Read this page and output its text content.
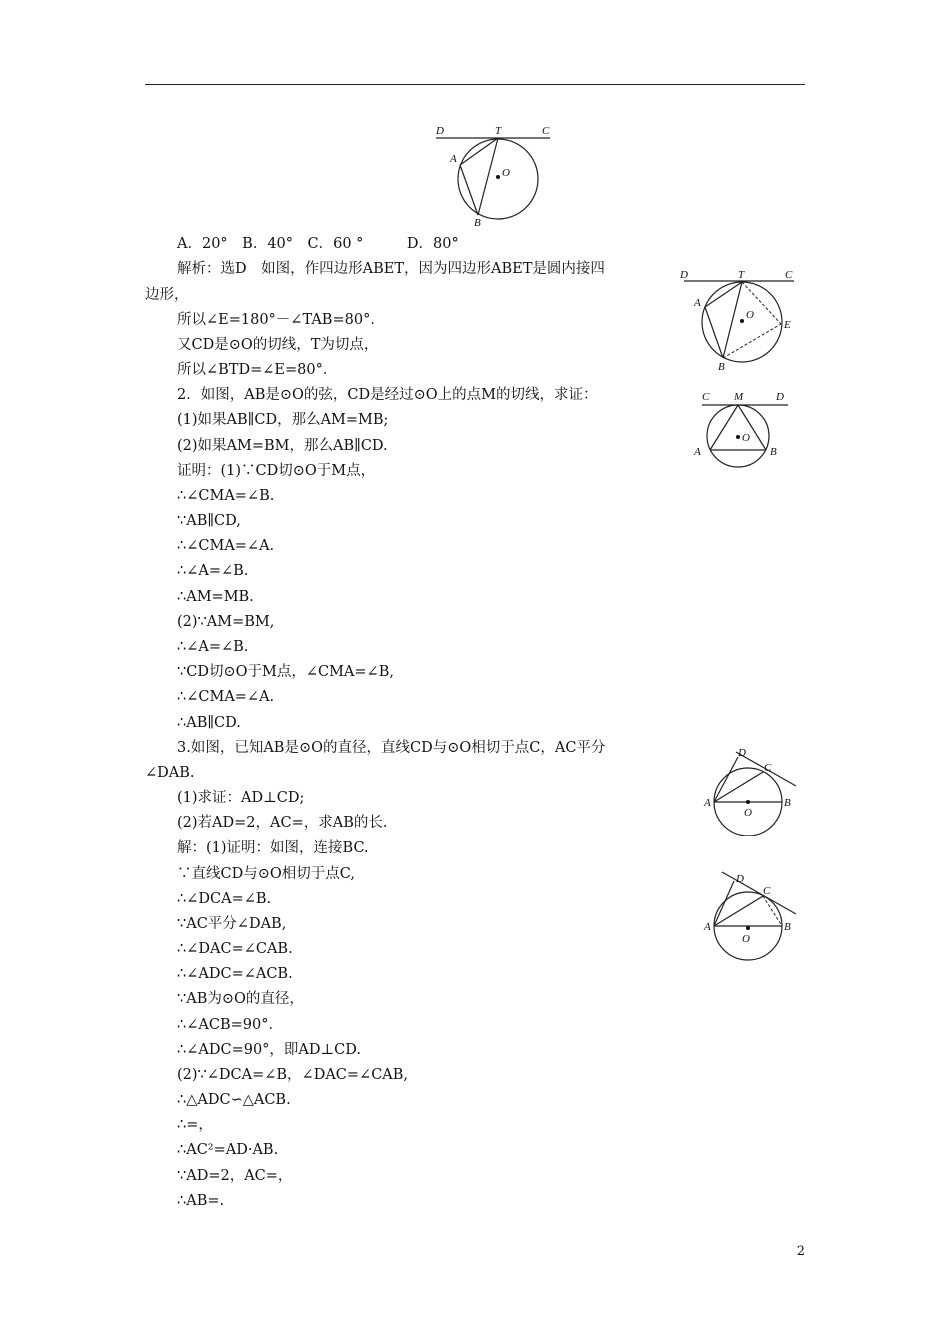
D	T	C
A
O
B
D	T	C
A
O
E
B
C M	D
O
A	B
D
C
A
O
B
D
C
A
O
B
A．20°　B．40°　C．60 °　　　D．80°
解析：选D　如图，作四边形ABET，因为四边形ABET是圆内接四
边形，
所以∠E=180°－∠TAB=80°．
又CD是⊙O的切线，T为切点，
所以∠BTD=∠E=80°．
2．如图，AB是⊙O的弦，CD是经过⊙O上的点M的切线，求证：
(1)如果AB∥CD，那么AM=MB;
(2)如果AM=BM，那么AB∥CD.
证明：(1)∵CD切⊙O于M点，
∴∠CMA=∠B.
∵AB∥CD,
∴∠CMA=∠A.
∴∠A=∠B.
∴AM=MB.
(2)∵AM=BM,
∴∠A=∠B.
∵CD切⊙O于M点，∠CMA=∠B,
∴∠CMA=∠A.
∴AB∥CD.
3.如图，已知AB是⊙O的直径，直线CD与⊙O相切于点C，AC平分
∠DAB.
(1)求证：AD⊥CD;
(2)若AD=2，AC=，求AB的长.
解：(1)证明：如图，连接BC.
∵直线CD与⊙O相切于点C,
∴∠DCA=∠B.
∵AC平分∠DAB,
∴∠DAC=∠CAB.
∴∠ADC=∠ACB.
∵AB为⊙O的直径，
∴∠ACB=90°．
∴∠ADC=90°，即AD⊥CD.
(2)∵∠DCA=∠B，∠DAC=∠CAB,
∴△ADC∽△ACB.
∴=，
∴AC²=AD·AB.
∵AD=2，AC=，
∴AB=.
2
